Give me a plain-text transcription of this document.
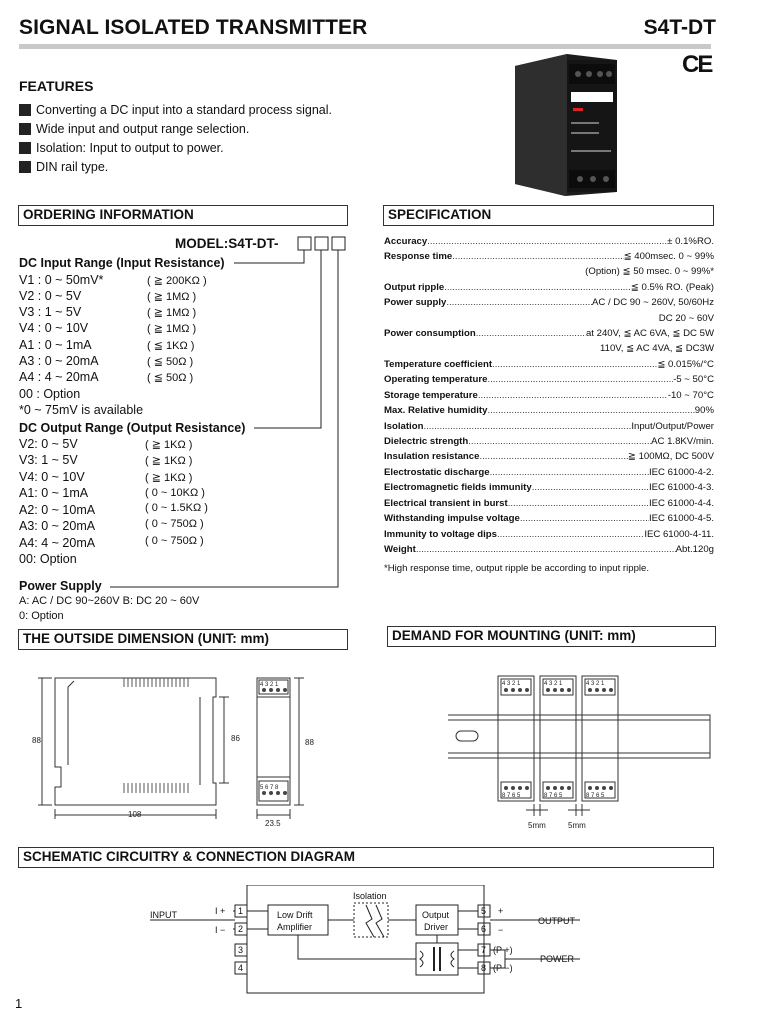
SIGNAL ISOLATED TRANSMITTER	S4T-DT
CE
FEATURES
Converting a DC input into a standard process signal.
Wide input and output range selection.
Isolation: Input to output to power.
DIN rail type.
ORDERING INFORMATION	SPECIFICATION
MODEL:S4T-DT-
DC Input Range (Input Resistance)
V1 : 0 ~ 50mV*	( ≧ 200KΩ )
V2 : 0 ~ 5V	( ≧ 1MΩ )
V3 : 1 ~ 5V	( ≧ 1MΩ )
V4 : 0 ~ 10V	( ≧ 1MΩ )
A1 : 0 ~ 1mA	( ≦ 1KΩ )
A3 : 0 ~ 20mA	( ≦ 50Ω )
A4 : 4 ~ 20mA	( ≦ 50Ω )
00 : Option
*0 ~ 75mV is available
DC Output Range (Output Resistance)
V2: 0 ~ 5V	( ≧ 1KΩ )
V3: 1 ~ 5V	( ≧ 1KΩ )
V4: 0 ~ 10V	( ≧ 1KΩ )
A1: 0 ~ 1mA	( 0 ~ 10KΩ )
A2: 0 ~ 10mA	( 0 ~ 1.5KΩ )
A3: 0 ~ 20mA	( 0 ~ 750Ω )
A4: 4 ~ 20mA	( 0 ~ 750Ω )
00: Option
Power Supply
A: AC / DC 90~260V B: DC 20 ~ 60V
0: Option
Accuracy .....	± 0.1%RO.
Response time .....	≦ 400msec. 0 ~ 99%
(Option) ≦ 50 msec. 0 ~ 99%*
Output ripple .....	≦ 0.5% RO. (Peak)
Power supply .....	AC / DC 90 ~ 260V, 50/60Hz
DC 20 ~ 60V
Power consumption .....	at 240V, ≦ AC 6VA, ≦ DC 5W
110V, ≦ AC 4VA, ≦ DC3W
Temperature coefficient .....	≦ 0.015%/°C
Operating temperature .....	-5 ~ 50°C
Storage temperature .....	-10 ~ 70°C
Max. Relative humidity .....	90%
Isolation .....	Input/Output/Power
Dielectric strength .....	AC 1.8KV/min.
Insulation resistance .....	≧ 100MΩ, DC 500V
Electrostatic discharge .....	IEC 61000-4-2.
Electromagnetic fields immunity .....	IEC 61000-4-3.
Electrical transient in burst .....	IEC 61000-4-4.
Withstanding impulse voltage .....	IEC 61000-4-5.
Immunity to voltage dips .....	IEC 61000-4-11.
Weight .....	Abt.120g
*High response time, output ripple be according to input ripple.
THE OUTSIDE DIMENSION (UNIT: mm)	DEMAND FOR MOUNTING (UNIT: mm)
88	86	88
108
23.5
4 3 2 1
5 6 7 8
5mm	5mm
4 3 2 1	4 3 2 1	4 3 2 1
8 7 6 5	8 7 6 5	8 7 6 5
SCHEMATIC CIRCUITRY & CONNECTION DIAGRAM
INPUT	I +
I −
1
2
3
4
5
6
7
8
Low Drift
Amplifier
Isolation
Output
Driver
+
−
OUTPUT
(P +)
(P −)
POWER
1
